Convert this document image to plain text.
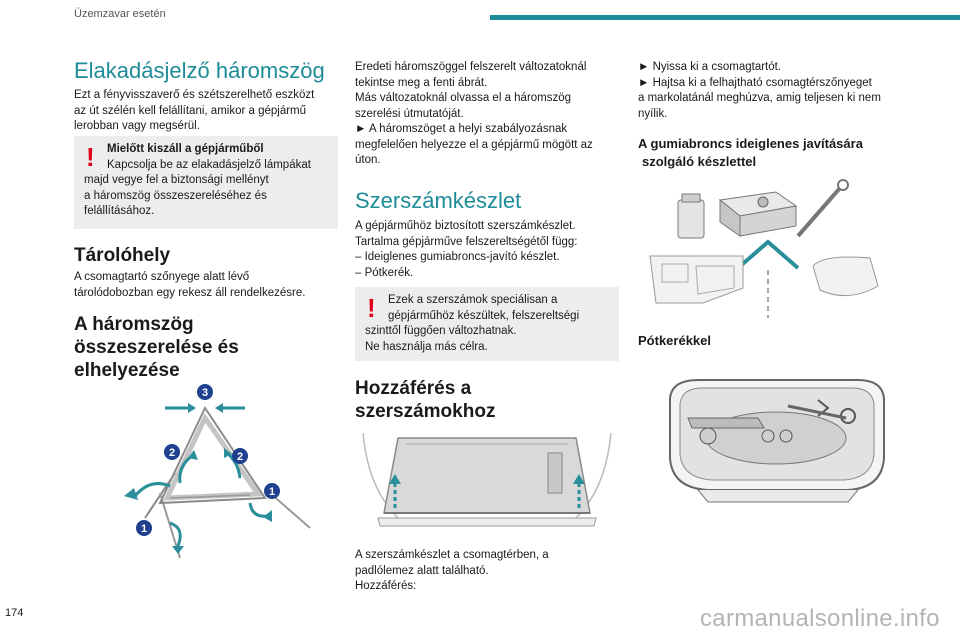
Üzemzavar esetén
Elakadásjelző háromszög
Ezt a fényvisszaverő és szétszerelhető eszközt
az út szélén kell felállítani, amikor a gépjármű
lerobban vagy megsérül.
!	Mielőtt kiszáll a gépjárműből
Kapcsolja be az elakadásjelző lámpákat
majd vegye fel a biztonsági mellényt
a háromszög összeszereléséhez és
felállításához.
Tárolóhely
A csomagtartó szőnyege alatt lévő
tárolódobozban egy rekesz áll rendelkezésre.
A háromszög
összeszerelése és
elhelyezése
3
2	2
1
1
Eredeti háromszöggel felszerelt változatoknál
tekintse meg a fenti ábrát.
Más változatoknál olvassa el a háromszög
szerelési útmutatóját.
► A háromszöget a helyi szabályozásnak
megfelelően helyezze el a gépjármű mögött az
úton.
Szerszámkészlet
A gépjárműhöz biztosított szerszámkészlet.
Tartalma gépjárműve felszereltségétől függ:
– Ideiglenes gumiabroncs-javító készlet.
– Pótkerék.
!	Ezek a szerszámok speciálisan a
gépjárműhöz készültek, felszereltségi
szinttől függően változhatnak.
Ne használja más célra.
Hozzáférés a
szerszámokhoz
A szerszámkészlet a csomagtérben, a
padlólemez alatt található.
Hozzáférés:
► Nyissa ki a csomagtartót.
► Hajtsa ki a felhajtható csomagtérszőnyeget
a markolatánál meghúzva, amig teljesen ki nem
nyílik.
A gumiabroncs ideiglenes javítására
szolgáló készlettel
Pótkerékkel
174	carmanualsonline.info
